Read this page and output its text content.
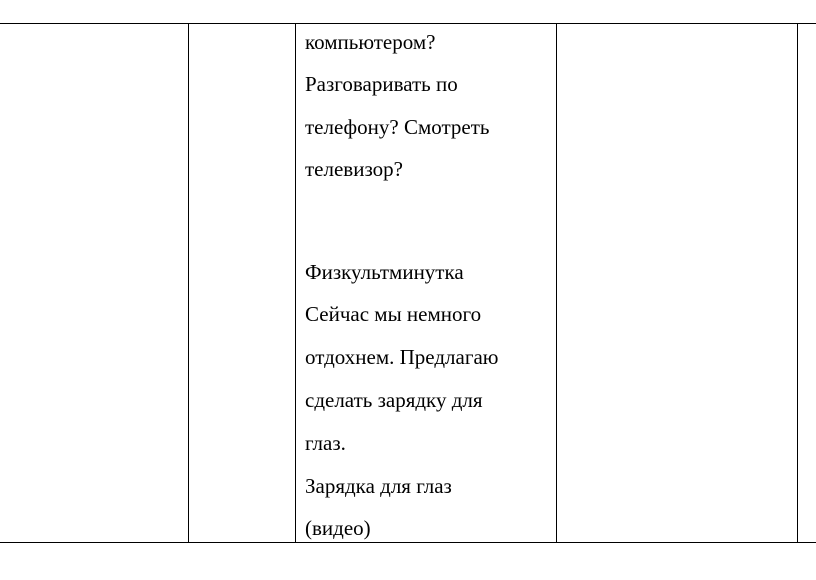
компьютером?
Разговаривать по
телефону? Смотреть
телевизор?
Физкультминутка
Сейчас мы немного
отдохнем. Предлагаю
сделать зарядку для
глаз.
Зарядка для глаз
(видео)
